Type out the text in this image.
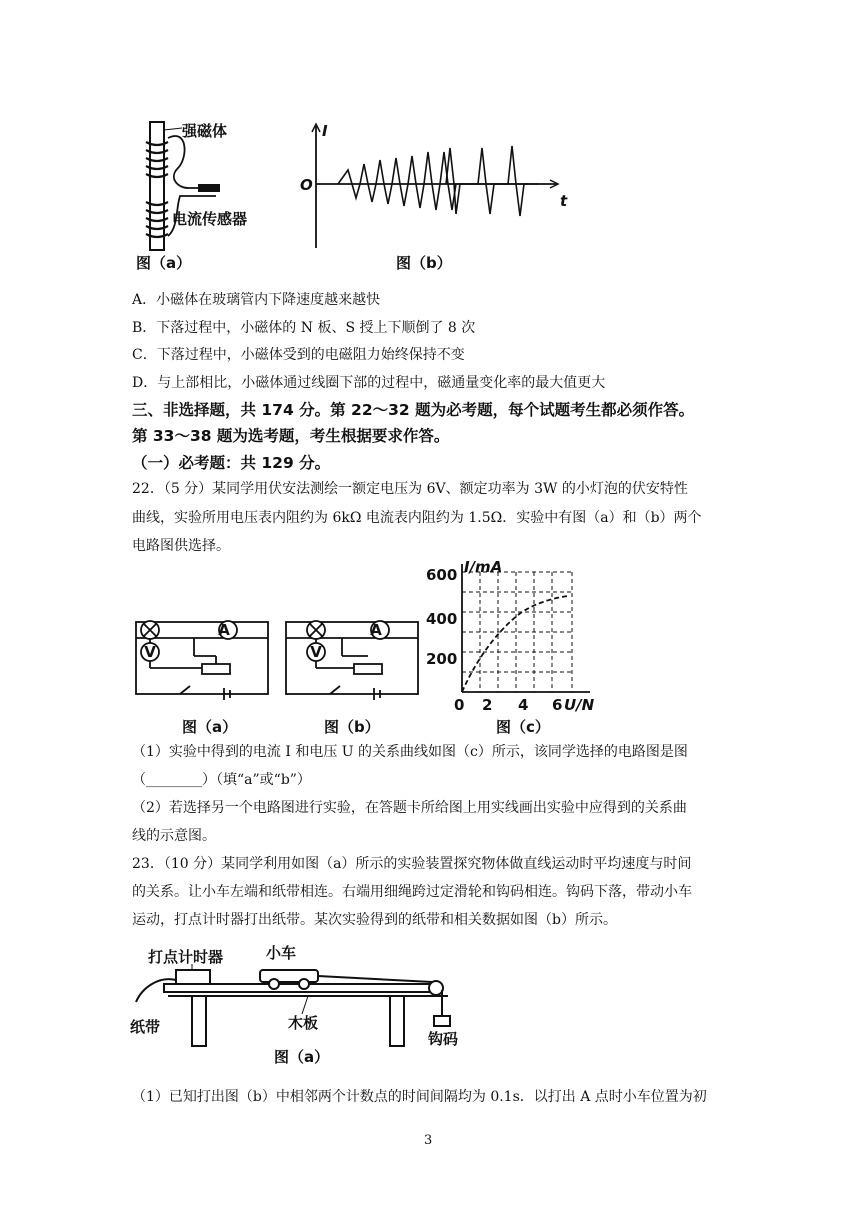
强磁体
电流传感器
图（a）
I
O
t
图（b）
A．小磁体在玻璃管内下降速度越来越快
B．下落过程中，小磁体的 N 板、S 授上下顺倒了 8 次
C．下落过程中，小磁体受到的电磁阻力始终保持不变
D．与上部相比，小磁体通过线圈下部的过程中，磁通量变化率的最大值更大
三、非选择题，共 174 分。第 22～32 题为必考题，每个试题考生都必须作答。
第 33～38 题为选考题，考生根据要求作答。
（一）必考题：共 129 分。
22．（5 分）某同学用伏安法测绘一额定电压为 6V、额定功率为 3W 的小灯泡的伏安特性
曲线，实验所用电压表内阻约为 6kΩ 电流表内阻约为 1.5Ω．实验中有图（a）和（b）两个
电路图供选择。
A
V
图（a）
A
V
图（b）
I/mA
600
400
200
0 2 4 6 U/N
图（c）
（1）实验中得到的电流 I 和电压 U 的关系曲线如图（c）所示，该同学选择的电路图是图
（________）（填“a”或“b”）
（2）若选择另一个电路图进行实验，在答题卡所给图上用实线画出实验中应得到的关系曲
线的示意图。
23．（10 分）某同学利用如图（a）所示的实验装置探究物体做直线运动时平均速度与时间
的关系。让小车左端和纸带相连。右端用细绳跨过定滑轮和钩码相连。钩码下落，带动小车
运动，打点计时器打出纸带。某次实验得到的纸带和相关数据如图（b）所示。
打点计时器	小车
纸带	木板
钩码
图（a）
（1）已知打出图（b）中相邻两个计数点的时间间隔均为 0.1s．以打出 A 点时小车位置为初
3
